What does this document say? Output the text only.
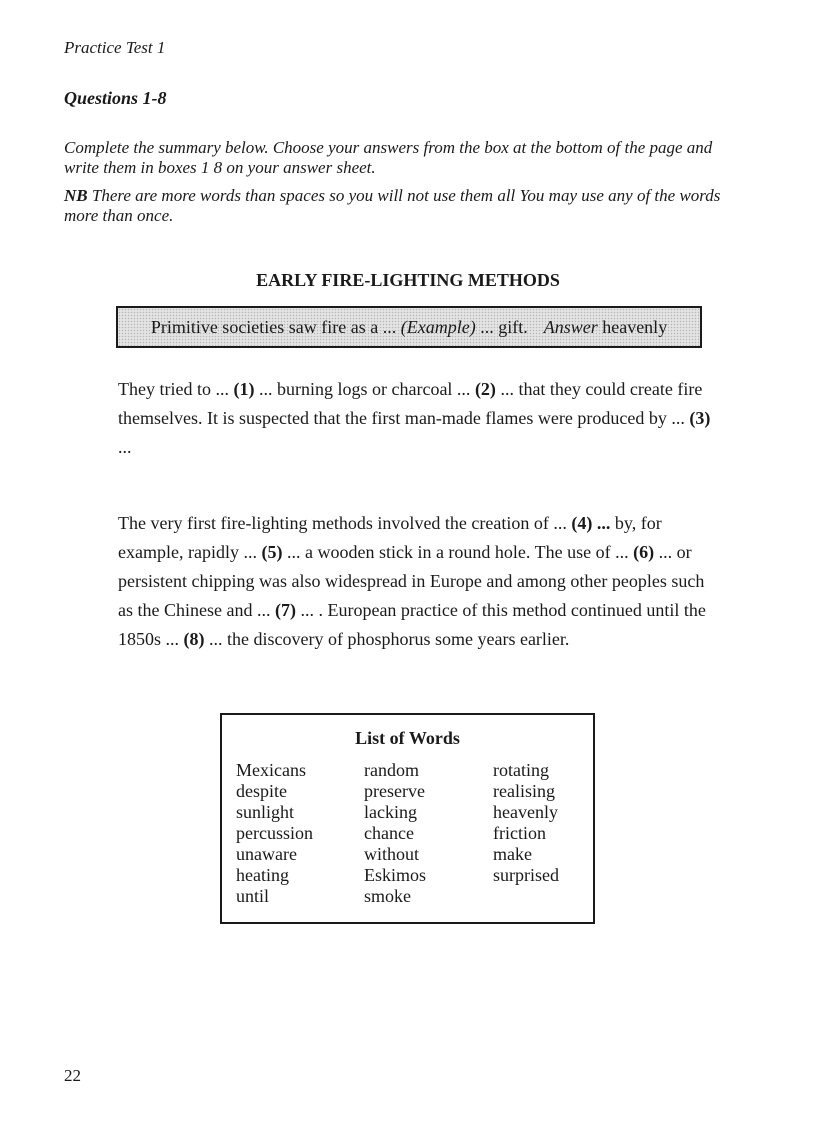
Practice Test 1
Questions 1-8

Complete the summary below. Choose your answers from the box at the bottom of the page and write them in boxes 1 8 on your answer sheet.

NB There are more words than spaces so you will not use them all You may use any of the words more than once.

EARLY FIRE-LIGHTING METHODS
Primitive societies saw fire as a ... (Example) ... gift. Answer heavenly
They tried to ... (1) ... burning logs or charcoal ... (2) ... that they could create fire themselves. It is suspected that the first man-made flames were produced by ... (3) ...
The very first fire-lighting methods involved the creation of ... (4) ... by, for example, rapidly ... (5) ... a wooden stick in a round hole. The use of ... (6) ... or persistent chipping was also widespread in Europe and among other peoples such as the Chinese and ... (7) ... . European practice of this method continued until the 1850s ... (8) ... the discovery of phosphorus some years earlier.
List of Words
Mexicans
despite
sunlight
percussion
unaware
heating
until
random
preserve
lacking
chance
without
Eskimos
smoke
rotating
realising
heavenly
friction
make
surprised
22
